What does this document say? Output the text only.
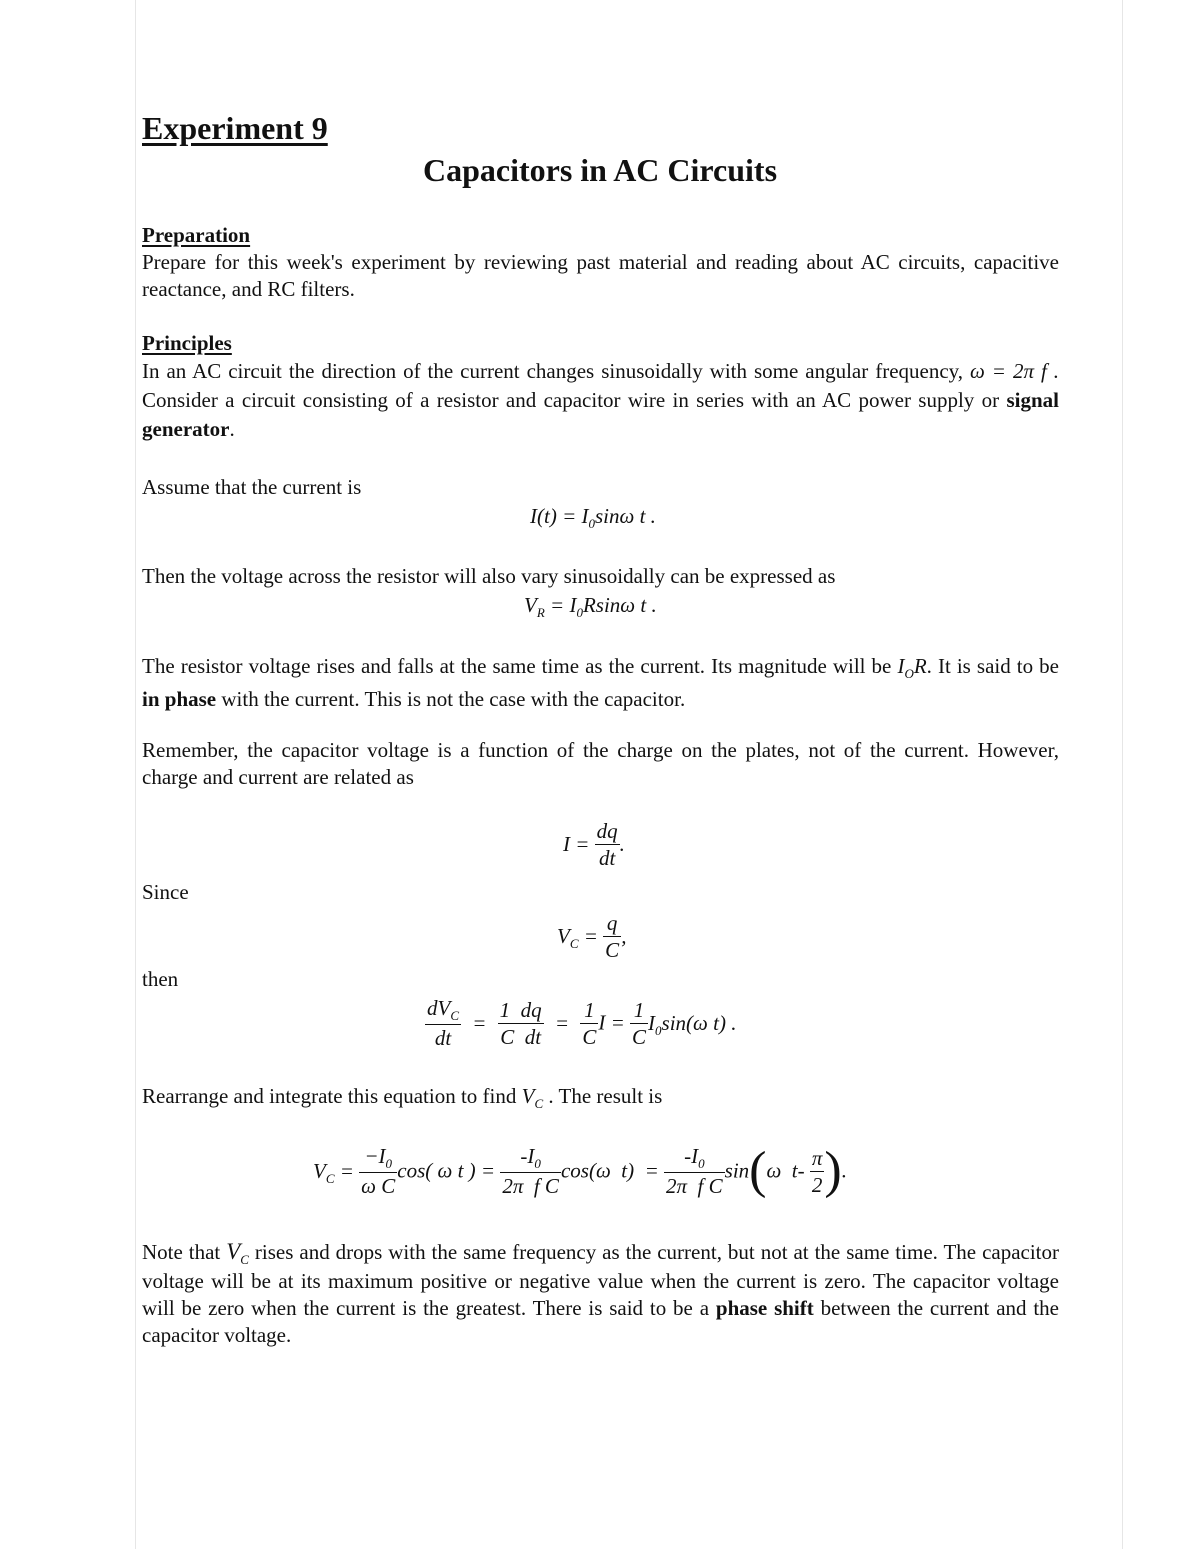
Experiment 9
Capacitors in AC Circuits
Preparation
Prepare for this week's experiment by reviewing past material and reading about AC circuits, capacitive reactance, and RC filters.
Principles
In an AC circuit the direction of the current changes sinusoidally with some angular frequency, ω = 2π f . Consider a circuit consisting of a resistor and capacitor wire in series with an AC power supply or signal generator.
Assume that the current is
$I(t) = I_0\sin\omega$ t .
Then the voltage across the resistor will also vary sinusoidally can be expressed as
$V_R = I_0Rsin\omega$ t .
The resistor voltage rises and falls at the same time as the current. Its magnitude will be $I_OR$. It is said to be in phase with the current. This is not the case with the capacitor.
Remember, the capacitor voltage is a function of the charge on the plates, not of the current. However, charge and current are related as
$I = \frac{dq}{dt}$ .
Since
$V_C = \frac{q}{C}$ ,
then
$\frac{dV_C}{dt} = \frac{1 dq}{\text{C  dt}} = \frac{1}{C}$ $I = \frac{1}{C} I_0\sin(\omega$ t) .
Rearrange and integrate this equation to find $V_C$ . The result is
$V_C = \frac{-I_0}{\text{ω C}} \cos$( ω t ) = $\frac{-I_0}{\text{2π  f C}} \cos(\omega$  $t) = \frac{-I_0}{\text{2π  f C}} \sin(\omega$  $t- \frac{\pi}{2}$ ).
Note that $V_C$ rises and drops with the same frequency as the current, but not at the same time. The capacitor voltage will be at its maximum positive or negative value when the current is zero. The capacitor voltage will be zero when the current is the greatest. There is said to be a phase shift between the current and the capacitor voltage.
